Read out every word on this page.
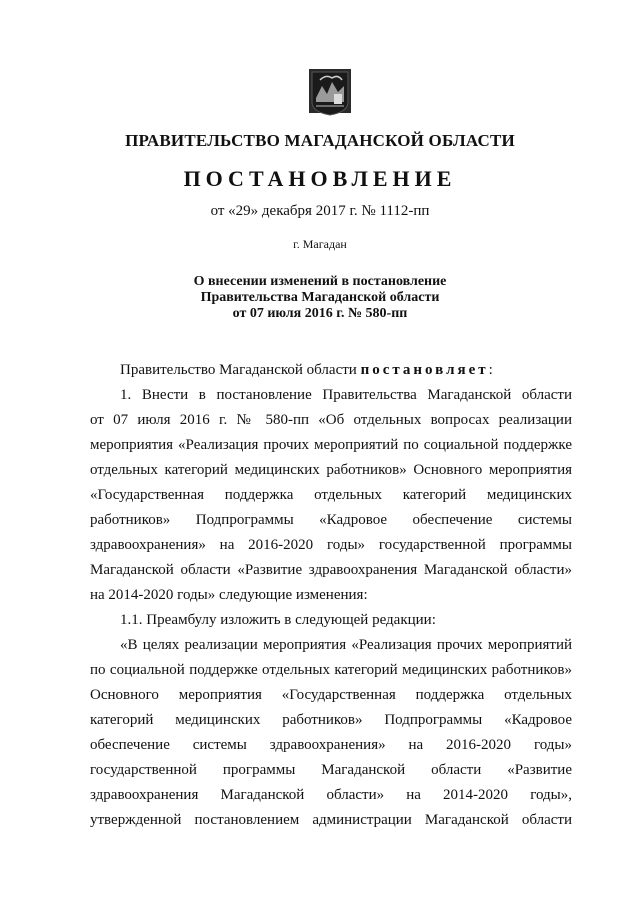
ПРАВИТЕЛЬСТВО МАГАДАНСКОЙ ОБЛАСТИ
ПОСТАНОВЛЕНИЕ
от «29» декабря 2017 г. № 1112-пп
г. Магадан
О внесении изменений в постановление
Правительства Магаданской области
от 07 июля 2016 г. № 580-пп
Правительство Магаданской области постановляет:
1. Внести в постановление Правительства Магаданской области
от 07 июля 2016 г. № 580-пп «Об отдельных вопросах реализации
мероприятия «Реализация прочих мероприятий по социальной поддержке
отдельных категорий медицинских работников» Основного мероприятия
«Государственная поддержка отдельных категорий медицинских
работников» Подпрограммы «Кадровое обеспечение системы
здравоохранения» на 2016-2020 годы» государственной программы
Магаданской области «Развитие здравоохранения Магаданской области»
на 2014-2020 годы» следующие изменения:
1.1. Преамбулу изложить в следующей редакции:
«В целях реализации мероприятия «Реализация прочих мероприятий
по социальной поддержке отдельных категорий медицинских работников»
Основного мероприятия «Государственная поддержка отдельных
категорий медицинских работников» Подпрограммы «Кадровое
обеспечение системы здравоохранения» на 2016-2020 годы»
государственной программы Магаданской области «Развитие
здравоохранения Магаданской области» на 2014-2020 годы»,
утвержденной постановлением администрации Магаданской области
